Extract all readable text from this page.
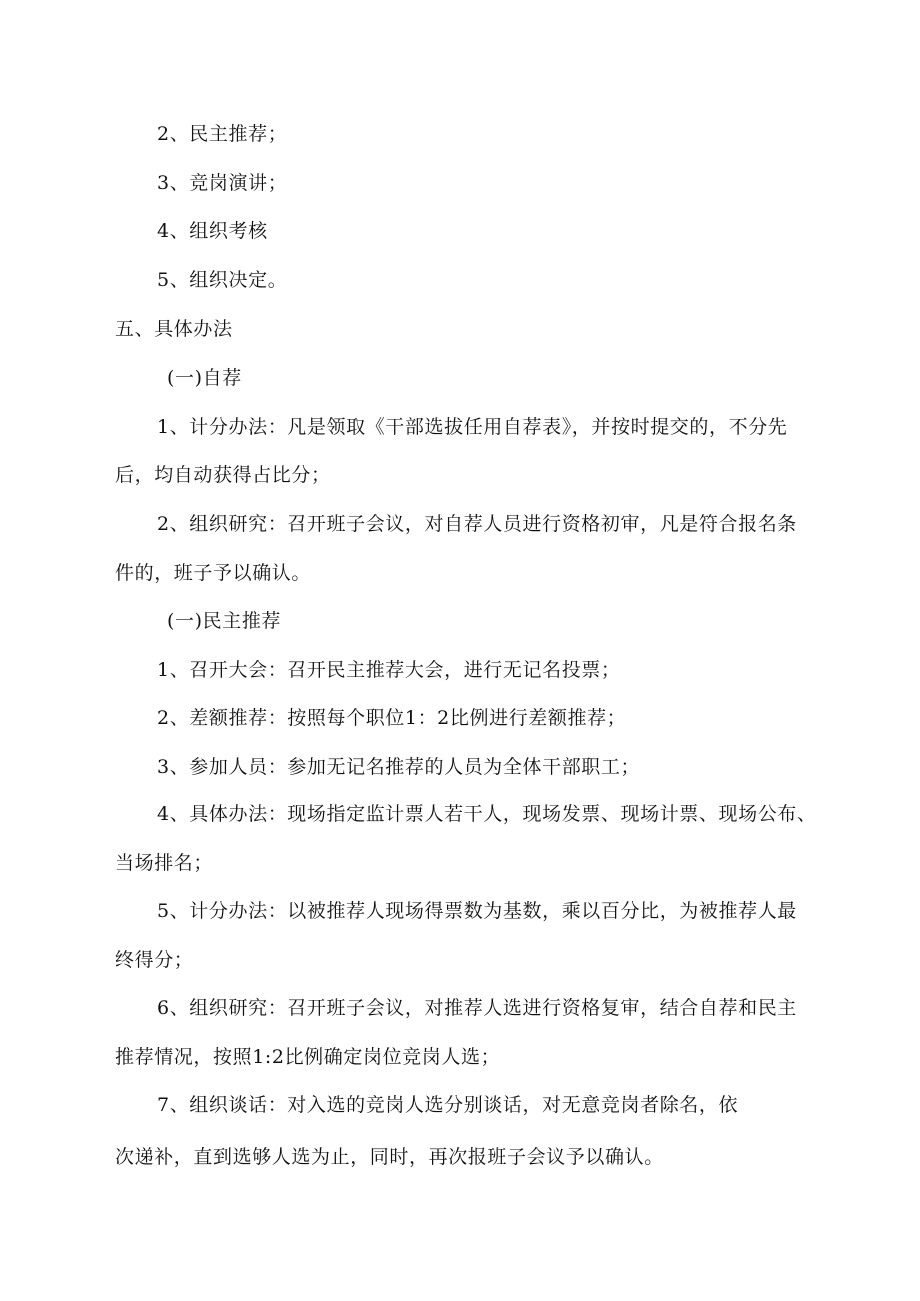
2、民主推荐；
3、竞岗演讲；
4、组织考核
5、组织决定。
五、具体办法
(一)自荐
1、计分办法：凡是领取《干部选拔任用自荐表》，并按时提交的，不分先
后，均自动获得占比分；
2、组织研究：召开班子会议，对自荐人员进行资格初审，凡是符合报名条
件的，班子予以确认。
(一)民主推荐
1、召开大会：召开民主推荐大会，进行无记名投票；
2、差额推荐：按照每个职位1：2比例进行差额推荐；
3、参加人员：参加无记名推荐的人员为全体干部职工；
4、具体办法：现场指定监计票人若干人，现场发票、现场计票、现场公布、
当场排名；
5、计分办法：以被推荐人现场得票数为基数，乘以百分比，为被推荐人最
终得分；
6、组织研究：召开班子会议，对推荐人选进行资格复审，结合自荐和民主
推荐情况，按照1:2比例确定岗位竞岗人选；
7、组织谈话：对入选的竞岗人选分别谈话，对无意竞岗者除名，依
次递补，直到选够人选为止，同时，再次报班子会议予以确认。
